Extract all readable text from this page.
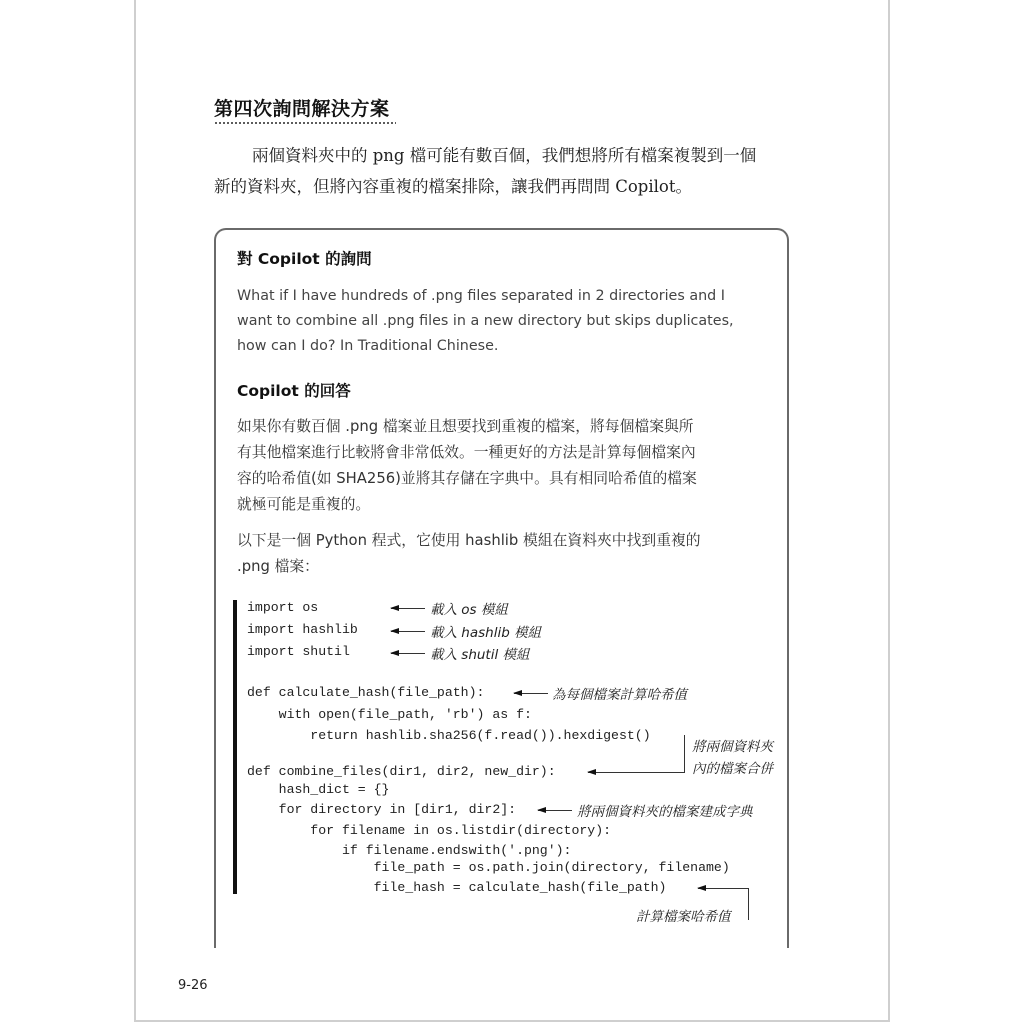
第四次詢問解決方案
兩個資料夾中的 png 檔可能有數百個，我們想將所有檔案複製到一個
新的資料夾，但將內容重複的檔案排除，讓我們再問問 Copilot。
對 Copilot 的詢問
What if I have hundreds of .png files separated in 2 directories and I
want to combine all .png files in a new directory but skips duplicates,
how can I do? In Traditional Chinese.
Copilot 的回答
如果你有數百個 .png 檔案並且想要找到重複的檔案，將每個檔案與所
有其他檔案進行比較將會非常低效。一種更好的方法是計算每個檔案內
容的哈希值(如 SHA256)並將其存儲在字典中。具有相同哈希值的檔案
就極可能是重複的。
以下是一個 Python 程式，它使用 hashlib 模組在資料夾中找到重複的
.png 檔案：
import os
import hashlib
import shutil
def calculate_hash(file_path):
with open(file_path, 'rb') as f:
return hashlib.sha256(f.read()).hexdigest()
def combine_files(dir1, dir2, new_dir):
hash_dict = {}
for directory in [dir1, dir2]:
for filename in os.listdir(directory):
if filename.endswith('.png'):
file_path = os.path.join(directory, filename)
file_hash = calculate_hash(file_path)
載入 os 模組
載入 hashlib 模組
載入 shutil 模組
為每個檔案計算哈希值
將兩個資料夾
內的檔案合併
將兩個資料夾的檔案建成字典
計算檔案哈希值
9-26
